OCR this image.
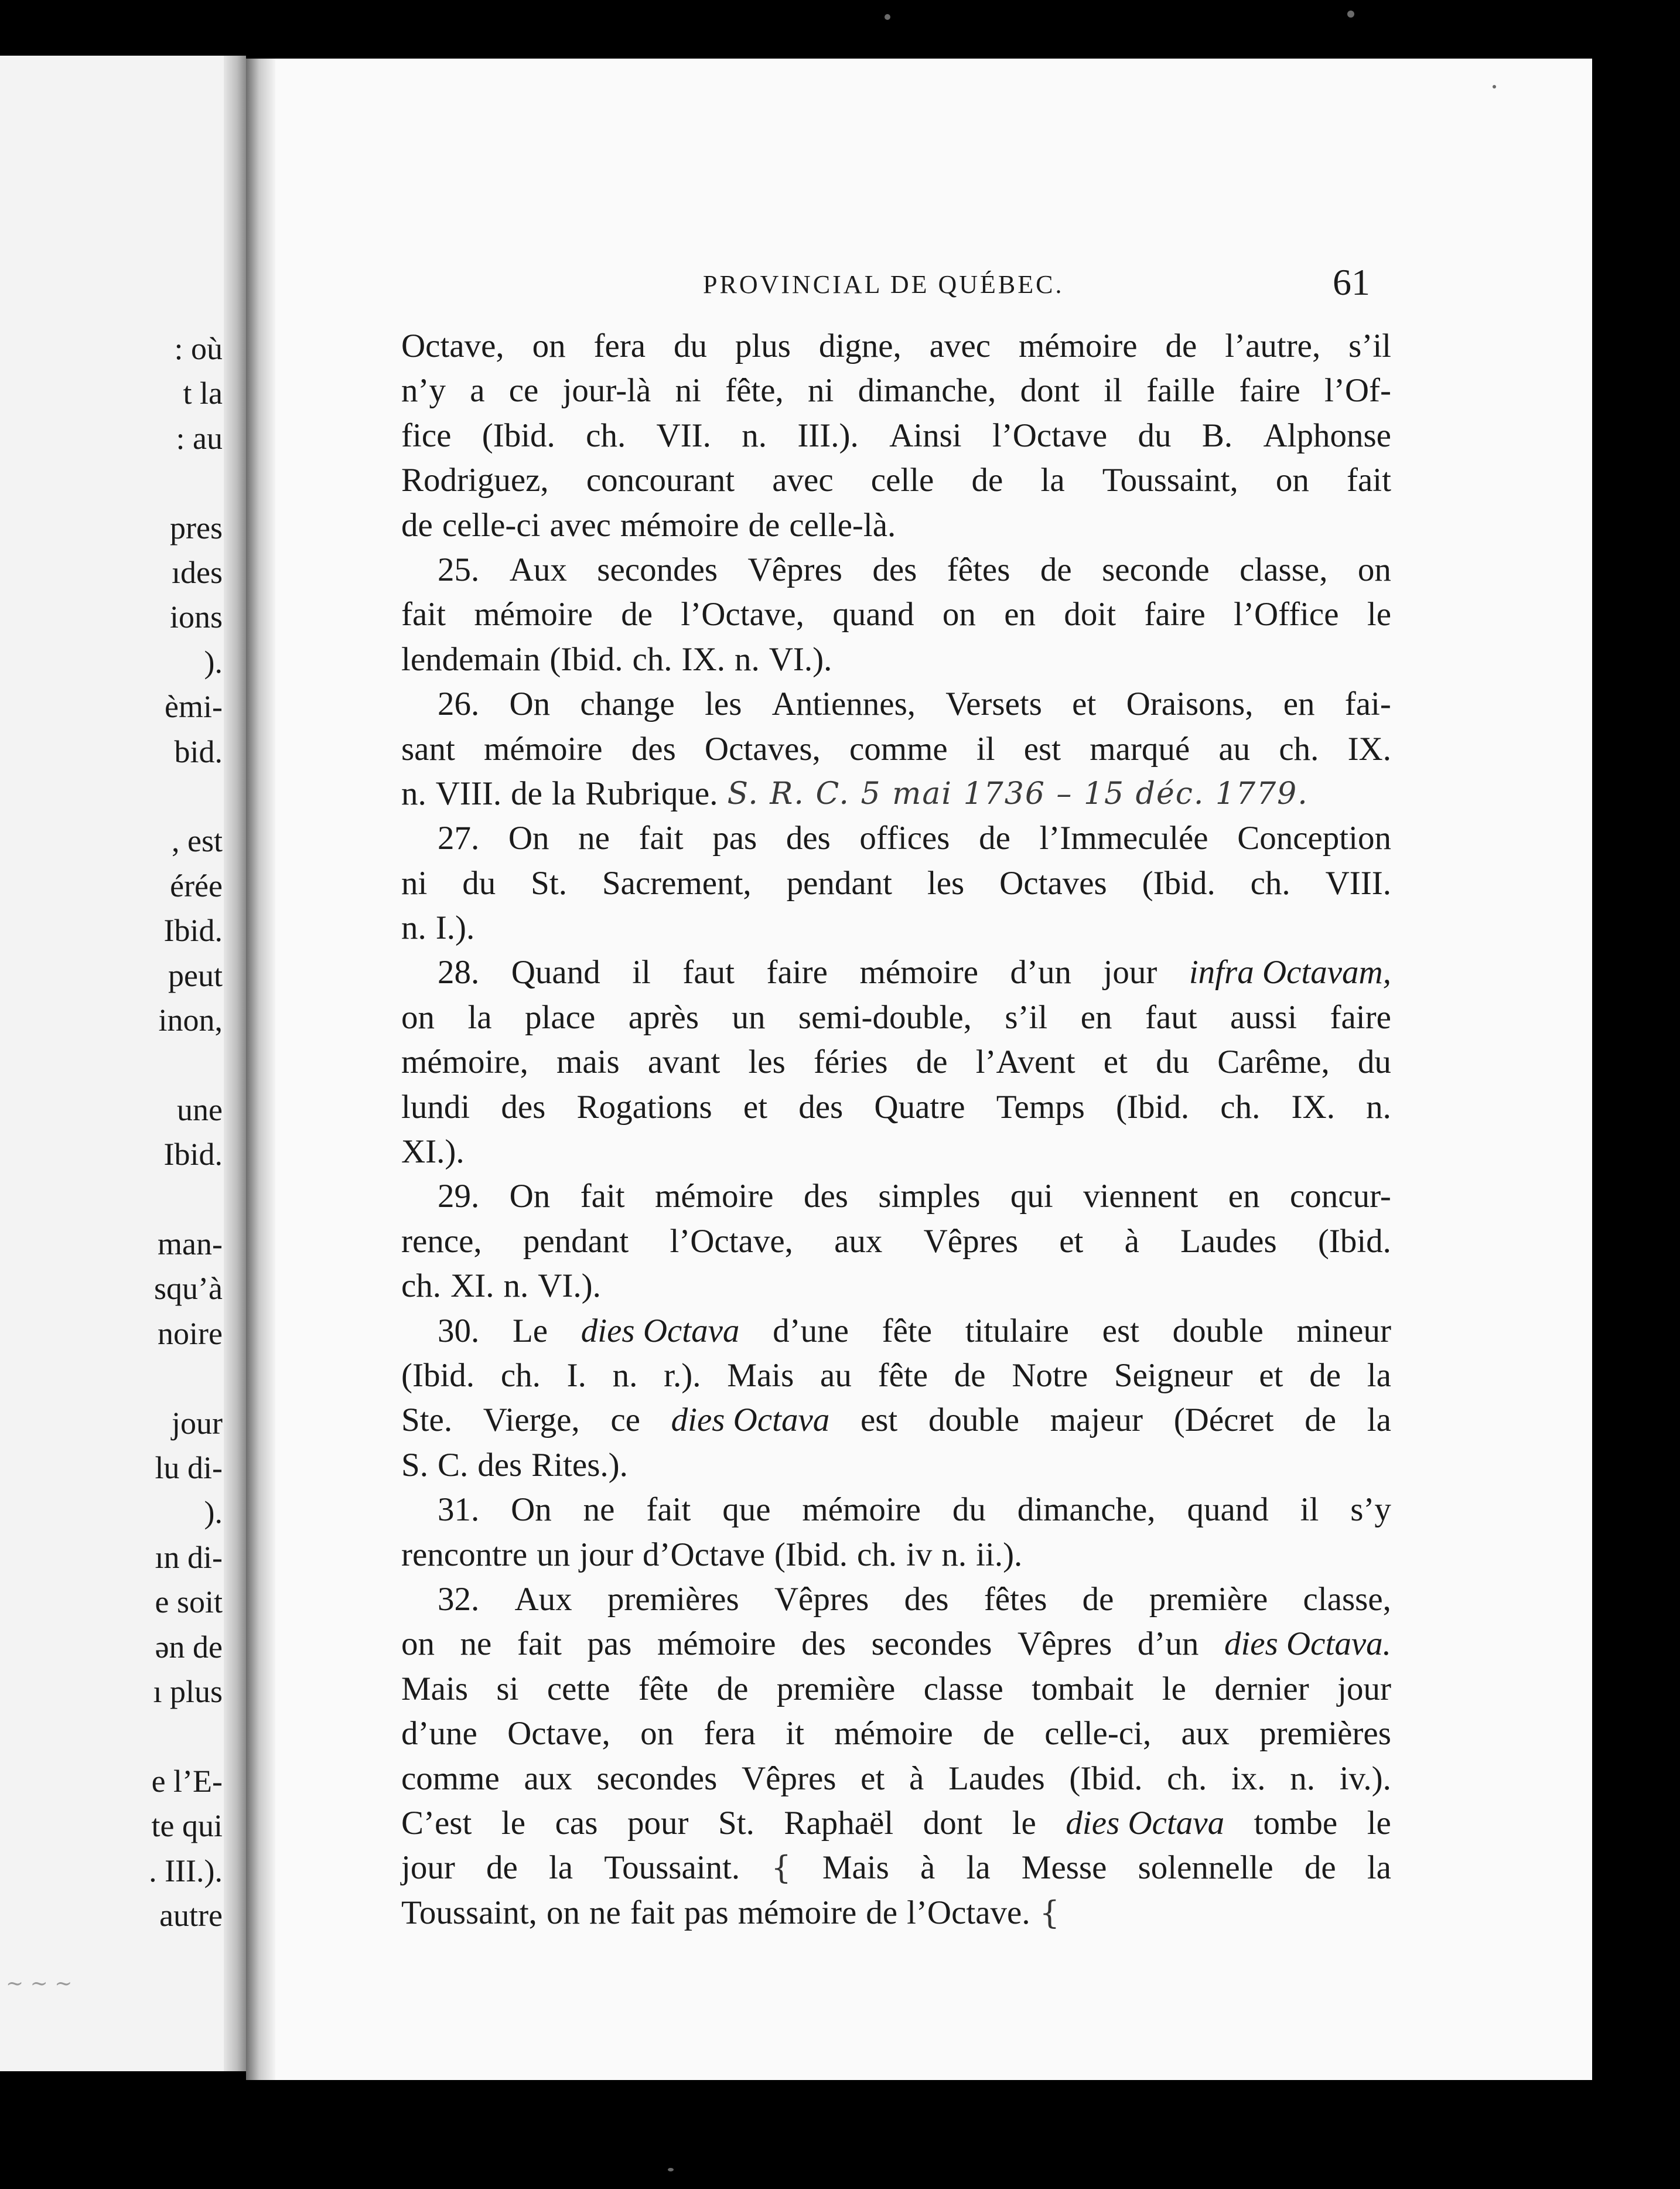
: où
t la
: au
pres
ıdes
ions
).
èmi-
bid.
, est
érée
Ibid.
peut
inon,
une
Ibid.
man-
squ’à
noire
jour
lu di-
).
ın di-
e soit
ən de
ı plus
e l’E-
te qui
. III.).
autre
~ ~ ~
PROVINCIAL DE QUÉBEC.	61
Octave, on fera du plus digne, avec mémoire de l’autre, s’il
n’y a ce jour-là ni fête, ni dimanche, dont il faille faire l’Of-
fice (Ibid. ch. VII. n. III.). Ainsi l’Octave du B. Alphonse
Rodriguez, concourant avec celle de la Toussaint, on fait
de celle-ci avec mémoire de celle-là.
25. Aux secondes Vêpres des fêtes de seconde classe, on
fait mémoire de l’Octave, quand on en doit faire l’Office le
lendemain (Ibid. ch. IX. n. VI.).
26. On change les Antiennes, Versets et Oraisons, en fai-
sant mémoire des Octaves, comme il est marqué au ch. IX.
n. VIII. de la Rubrique. S. R. C. 5 mai 1736 – 15 déc. 1779.
27. On ne fait pas des offices de l’Immeculée Conception
ni du St. Sacrement, pendant les Octaves (Ibid. ch. VIII.
n. I.).
28. Quand il faut faire mémoire d’un jour infra Octavam,
on la place après un semi-double, s’il en faut aussi faire
mémoire, mais avant les féries de l’Avent et du Carême, du
lundi des Rogations et des Quatre Temps (Ibid. ch. IX. n.
XI.).
29. On fait mémoire des simples qui viennent en concur-
rence, pendant l’Octave, aux Vêpres et à Laudes (Ibid.
ch. XI. n. VI.).
30. Le dies Octava d’une fête titulaire est double mineur
(Ibid. ch. I. n. r.). Mais au fête de Notre Seigneur et de la
Ste. Vierge, ce dies Octava est double majeur (Décret de la
S. C. des Rites.).
31. On ne fait que mémoire du dimanche, quand il s’y
rencontre un jour d’Octave (Ibid. ch. iv n. ii.).
32. Aux premières Vêpres des fêtes de première classe,
on ne fait pas mémoire des secondes Vêpres d’un dies Octava.
Mais si cette fête de première classe tombait le dernier jour
d’une Octave, on fera it mémoire de celle-ci, aux premières
comme aux secondes Vêpres et à Laudes (Ibid. ch. ix. n. iv.).
C’est le cas pour St. Raphaël dont le dies Octava tombe le
jour de la Toussaint. { Mais à la Messe solennelle de la
Toussaint, on ne fait pas mémoire de l’Octave. {
